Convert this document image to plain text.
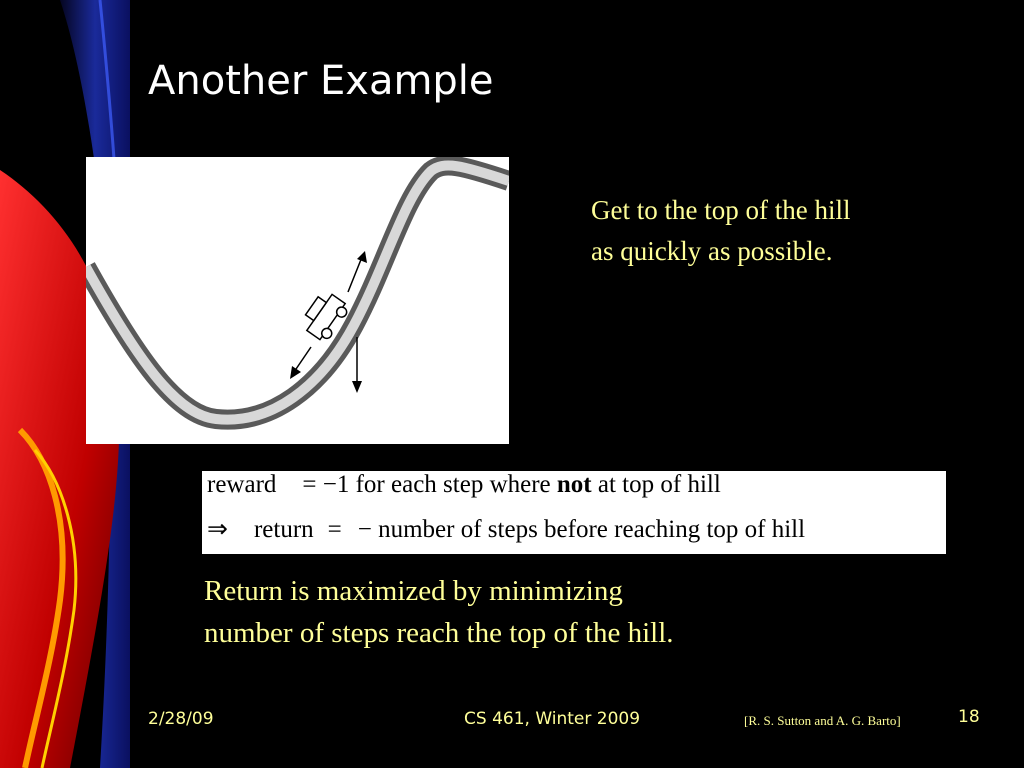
Another Example
Get to the top of the hill
as quickly as possible.
reward = −1 for each step where not at top of hill
⇒ return = − number of steps before reaching top of hill
Return is maximized by minimizing
number of steps reach the top of the hill.
2/28/09	CS 461, Winter 2009	[R. S. Sutton and A. G. Barto]	18
